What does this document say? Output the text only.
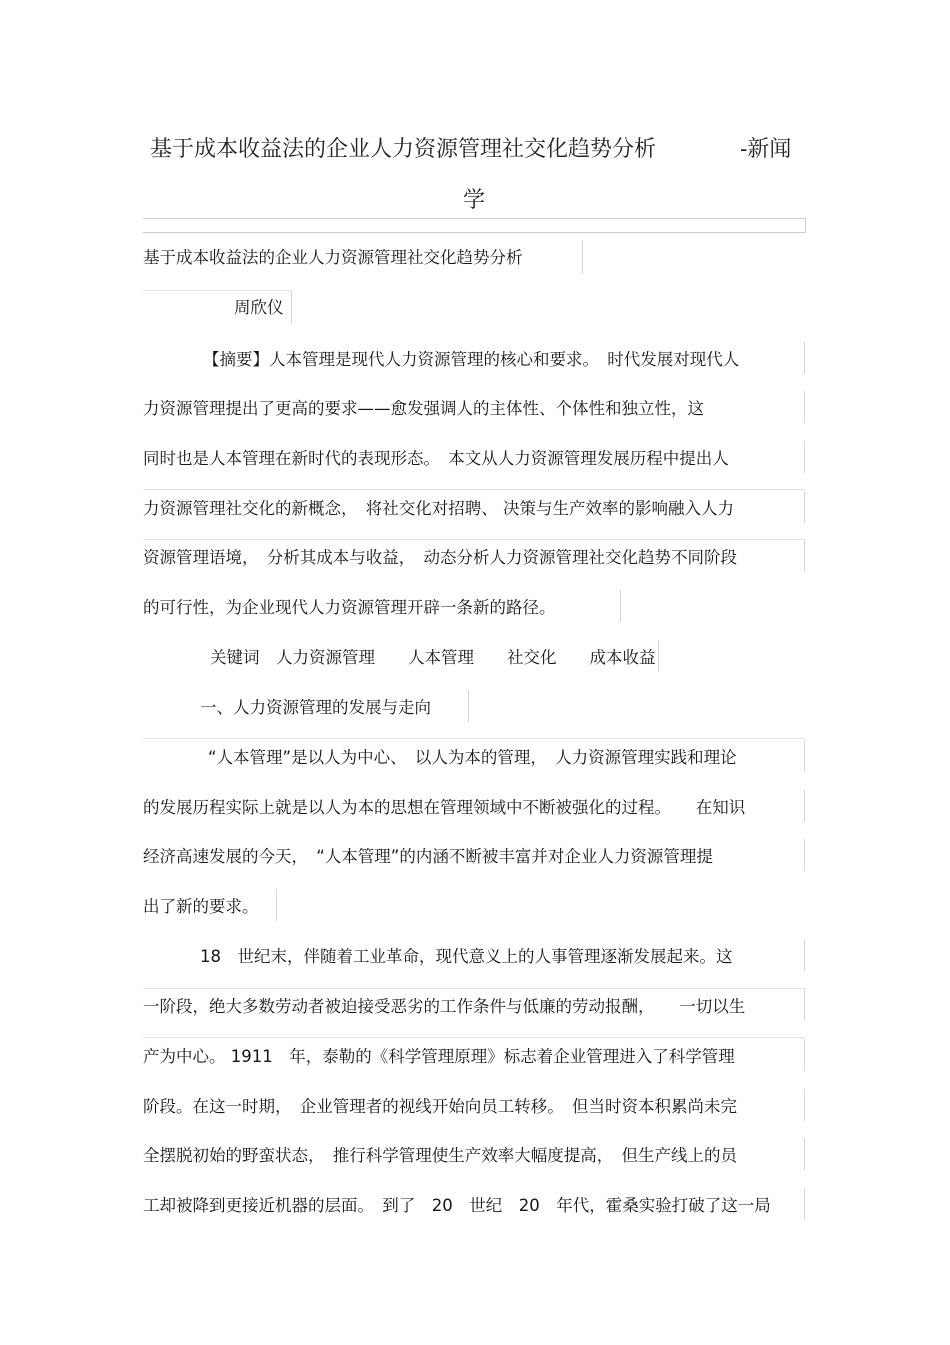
基于成本收益法的企业人力资源管理社交化趋势分析	-新闻
学
基于成本收益法的企业人力资源管理社交化趋势分析
周欣仪
【摘要】人本管理是现代人力资源管理的核心和要求。　时代发展对现代人
力资源管理提出了更高的要求——愈发强调人的主体性、个体性和独立性，这
同时也是人本管理在新时代的表现形态。　本文从人力资源管理发展历程中提出人
力资源管理社交化的新概念，　将社交化对招聘、 决策与生产效率的影响融入人力
资源管理语境，　分析其成本与收益，　动态分析人力资源管理社交化趋势不同阶段
的可行性，为企业现代人力资源管理开辟一条新的路径。
关键词　人力资源管理　　人本管理　　社交化　　成本收益
一、人力资源管理的发展与走向
“人本管理”是以人为中心、　以人为本的管理，　人力资源管理实践和理论
的发展历程实际上就是以人为本的思想在管理领域中不断被强化的过程。　　在知识
经济高速发展的今天，　“人本管理”的内涵不断被丰富并对企业人力资源管理提
出了新的要求。
18　世纪末，伴随着工业革命，现代意义上的人事管理逐渐发展起来。这
一阶段，绝大多数劳动者被迫接受恶劣的工作条件与低廉的劳动报酬，　　一切以生
产为中心。 1911　年，泰勒的《科学管理原理》标志着企业管理进入了科学管理
阶段。在这一时期，　企业管理者的视线开始向员工转移。　但当时资本积累尚未完
全摆脱初始的野蛮状态，　推行科学管理使生产效率大幅度提高，　但生产线上的员
工却被降到更接近机器的层面。　到了　20　世纪　20　年代，霍桑实验打破了这一局
